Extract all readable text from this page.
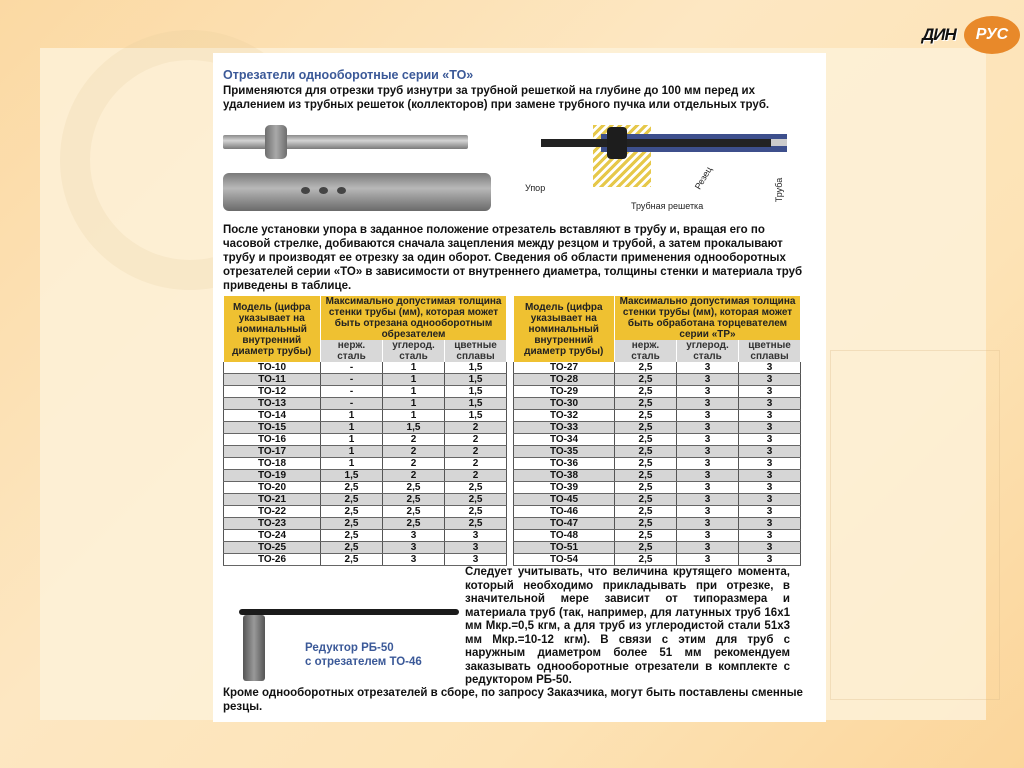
ДИН	РУС
Отрезатели однооборотные серии «ТО»
Применяются для отрезки труб изнутри за трубной решеткой на глубине до 100 мм перед их удалением из трубных решеток (коллекторов) при замене трубного пучка или отдельных труб.
Упор
Трубная решетка
Резец	Труба
После установки упора в заданное положение отрезатель вставляют в трубу и, вращая его по часовой стрелке, добиваются сначала зацепления между резцом и трубой, а затем прокалывают трубу и производят ее отрезку за один оборот. Сведения об области применения однооборотных отрезателей серии «ТО» в зависимости от внутреннего диаметра, толщины стенки и материала труб приведены в таблице.
Модель (цифра указывает на номинальный внутренний диаметр трубы)	Максимально допустимая толщина стенки трубы (мм), которая может быть отрезана однооборотным обрезателем		
	нерж. сталь	углерод. сталь	цветные сплавы
ТО-10	-	1	1,5
ТО-11	-	1	1,5
ТО-12	-	1	1,5
ТО-13	-	1	1,5
ТО-14	1	1	1,5
ТО-15	1	1,5	2
ТО-16	1	2	2
ТО-17	1	2	2
ТО-18	1	2	2
ТО-19	1,5	2	2
ТО-20	2,5	2,5	2,5
ТО-21	2,5	2,5	2,5
ТО-22	2,5	2,5	2,5
ТО-23	2,5	2,5	2,5
ТО-24	2,5	3	3
ТО-25	2,5	3	3
ТО-26	2,5	3	3
Модель (цифра указывает на номинальный внутренний диаметр трубы)	Максимально допустимая толщина стенки трубы (мм), которая может быть обработана торцевателем серии «ТР»		
	нерж. сталь	углерод. сталь	цветные сплавы
ТО-27	2,5	3	3
ТО-28	2,5	3	3
ТО-29	2,5	3	3
ТО-30	2,5	3	3
ТО-32	2,5	3	3
ТО-33	2,5	3	3
ТО-34	2,5	3	3
ТО-35	2,5	3	3
ТО-36	2,5	3	3
ТО-38	2,5	3	3
ТО-39	2,5	3	3
ТО-45	2,5	3	3
ТО-46	2,5	3	3
ТО-47	2,5	3	3
ТО-48	2,5	3	3
ТО-51	2,5	3	3
ТО-54	2,5	3	3
Редуктор РБ-50
с отрезателем ТО-46
Следует учитывать, что величина крутящего момента, который необходимо прикладывать при отрезке, в значительной мере зависит от типоразмера и материала труб (так, например, для латунных труб 16х1 мм Мкр.=0,5 кгм, а для труб из углеродистой стали 51х3 мм Мкр.=10-12 кгм). В связи с этим для труб с наружным диаметром более 51 мм рекомендуем заказывать однооборотные отрезатели в комплекте с редуктором РБ-50.
Кроме однооборотных отрезателей в сборе, по запросу Заказчика, могут быть поставлены сменные резцы.
